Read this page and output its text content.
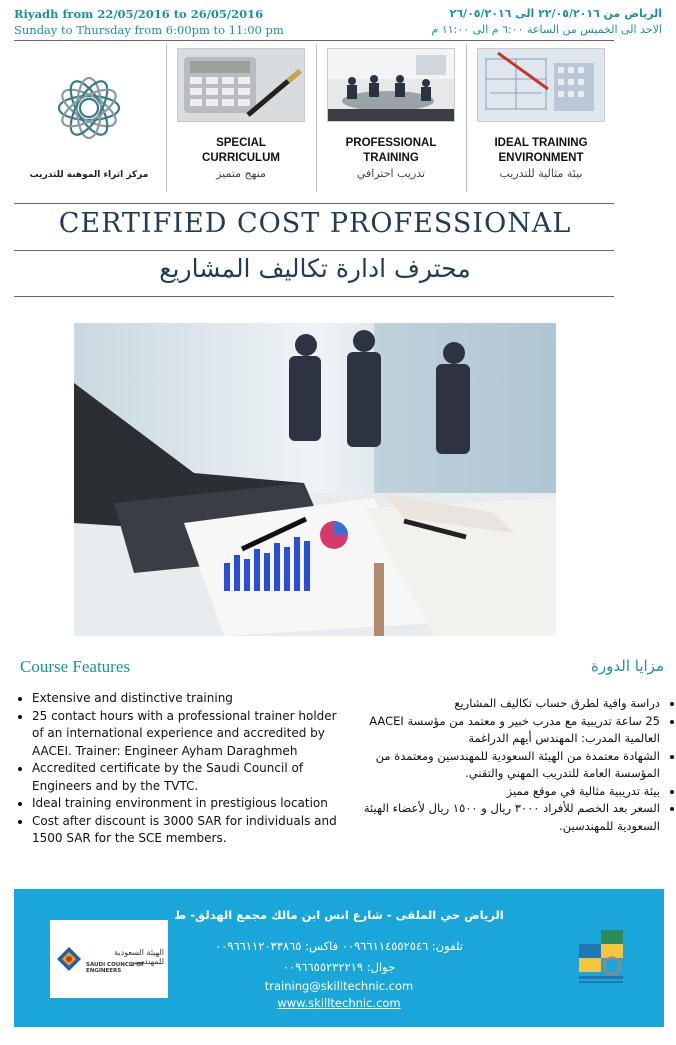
Riyadh from 22/05/2016 to 26/05/2016
Sunday to Thursday from 6:00pm to 11:00 pm
الرياض من ٢٢/٠٥/٢٠١٦ الى ٢٦/٠٥/٢٠١٦
الاحد الى الخميس من الساعة ٦:٠٠ م الى ١١:٠٠ م
مركز اثراء الموهبة للتدريب
SPECIAL
CURRICULUM
منهج متميز
PROFESSIONAL
TRAINING
تدريب احترافي
IDEAL TRAINING
ENVIRONMENT
بيئة مثالية للتدريب
CERTIFIED COST PROFESSIONAL
محترف ادارة تكاليف المشاريع
Course Features	مزايا الدورة
• Extensive and distinctive training
• 25 contact hours with a professional trainer holder of an international experience and accredited by AACEI. Trainer: Engineer Ayham Daraghmeh
• Accredited certificate by the Saudi Council of Engineers and by the TVTC.
• Ideal training environment in prestigious location
• Cost after discount is 3000 SAR for individuals and 1500 SAR for the SCE members.
• دراسة وافية لطرق حساب تكاليف المشاريع
• 25 ساعة تدريبية مع مدرب خبير و معتمد من مؤسسة AACEI العالمية المدرب: المهندس أيهم الدراغمة
• الشهادة معتمدة من الهيئة السعودية للمهندسين ومعتمدة من المؤسسة العامة للتدريب المهني والتقني.
• بيئة تدريبية مثالية في موقع مميز
• السعر بعد الخصم للأفراد ٣٠٠٠ ريال و ١٥٠٠ ريال لأعضاء الهيئة السعودية للمهندسين.
الرياض حي الملقى - شارع انس ابن مالك مجمع الهدلق- ط
تلفون: ٠٠٩٦٦١١٤٥٥٢٥٤٦ فاكس: ٠٠٩٦٦١١٢٠٣٣٨٦٥
جوال: ٠٠٩٦٦٥٥٢٣٢٢١٩
training@skilltechnic.com
www.skilltechnic.com
الهيئة السعودية للمهندسين
SAUDI COUNCIL OF ENGINEERS
